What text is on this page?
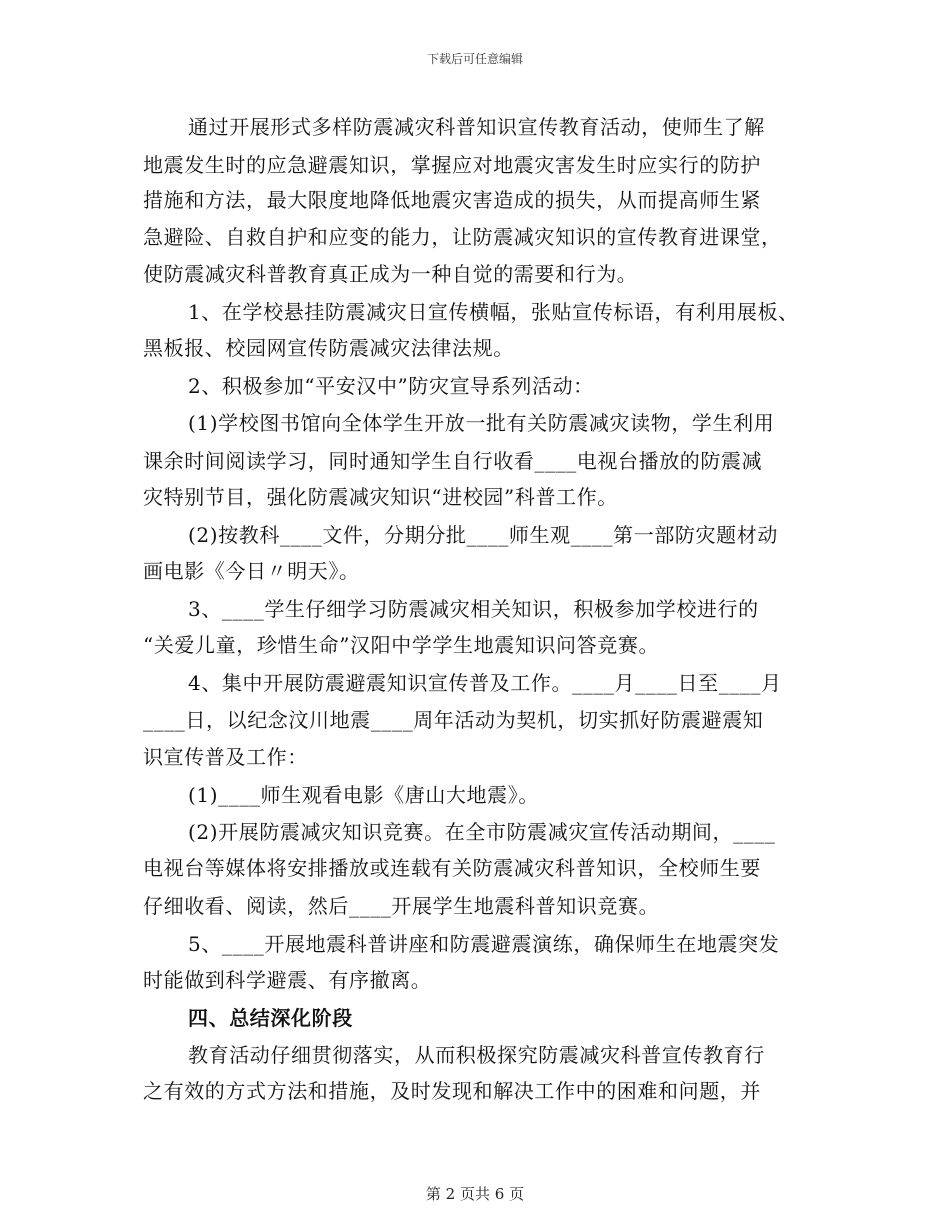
下载后可任意编辑
通过开展形式多样防震减灾科普知识宣传教育活动，使师生了解
地震发生时的应急避震知识，掌握应对地震灾害发生时应实行的防护
措施和方法，最大限度地降低地震灾害造成的损失，从而提高师生紧
急避险、自救自护和应变的能力，让防震减灾知识的宣传教育进课堂，
使防震减灾科普教育真正成为一种自觉的需要和行为。
1、在学校悬挂防震减灾日宣传横幅，张贴宣传标语，有利用展板、
黑板报、校园网宣传防震减灾法律法规。
2、积极参加“平安汉中”防灾宣导系列活动：
(1)学校图书馆向全体学生开放一批有关防震减灾读物，学生利用
课余时间阅读学习，同时通知学生自行收看____电视台播放的防震减
灾特别节目，强化防震减灾知识“进校园”科普工作。
(2)按教科____文件，分期分批____师生观____第一部防灾题材动
画电影《今日〃明天》。
3、____学生仔细学习防震减灾相关知识，积极参加学校进行的
“关爱儿童，珍惜生命”汉阳中学学生地震知识问答竞赛。
4、集中开展防震避震知识宣传普及工作。____月____日至____月
____日，以纪念汶川地震____周年活动为契机，切实抓好防震避震知
识宣传普及工作：
(1)____师生观看电影《唐山大地震》。
(2)开展防震减灾知识竞赛。在全市防震减灾宣传活动期间，____
电视台等媒体将安排播放或连载有关防震减灾科普知识，全校师生要
仔细收看、阅读，然后____开展学生地震科普知识竞赛。
5、____开展地震科普讲座和防震避震演练，确保师生在地震突发
时能做到科学避震、有序撤离。
四、总结深化阶段
教育活动仔细贯彻落实，从而积极探究防震减灾科普宣传教育行
之有效的方式方法和措施，及时发现和解决工作中的困难和问题，并
第 2 页共 6 页
